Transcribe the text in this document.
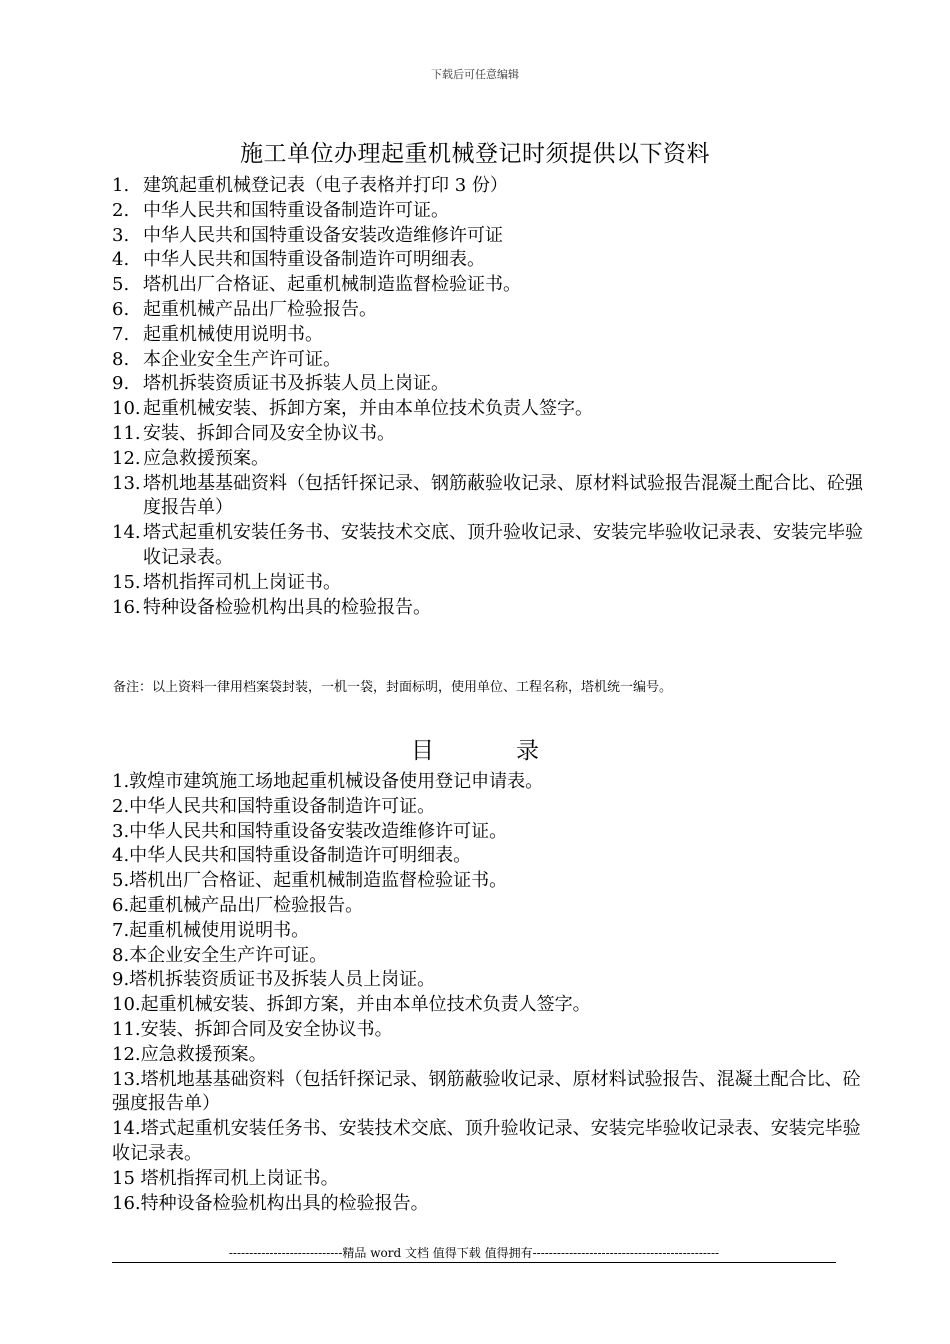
下载后可任意编辑
施工单位办理起重机械登记时须提供以下资料
1. 建筑起重机械登记表（电子表格并打印 3 份）
2. 中华人民共和国特重设备制造许可证。
3. 中华人民共和国特重设备安装改造维修许可证
4. 中华人民共和国特重设备制造许可明细表。
5. 塔机出厂合格证、起重机械制造监督检验证书。
6. 起重机械产品出厂检验报告。
7. 起重机械使用说明书。
8. 本企业安全生产许可证。
9. 塔机拆装资质证书及拆装人员上岗证。
10. 起重机械安装、拆卸方案，并由本单位技术负责人签字。
11. 安装、拆卸合同及安全协议书。
12. 应急救援预案。
13. 塔机地基基础资料（包括钎探记录、钢筋蔽验收记录、原材料试验报告混凝土配合比、砼强度报告单）
14. 塔式起重机安装任务书、安装技术交底、顶升验收记录、安装完毕验收记录表、安装完毕验收记录表。
15. 塔机指挥司机上岗证书。
16. 特种设备检验机构出具的检验报告。
备注：以上资料一律用档案袋封装，一机一袋，封面标明，使用单位、工程名称，塔机统一编号。
目录
1.敦煌市建筑施工场地起重机械设备使用登记申请表。
2.中华人民共和国特重设备制造许可证。
3.中华人民共和国特重设备安装改造维修许可证。
4.中华人民共和国特重设备制造许可明细表。
5.塔机出厂合格证、起重机械制造监督检验证书。
6.起重机械产品出厂检验报告。
7.起重机械使用说明书。
8.本企业安全生产许可证。
9.塔机拆装资质证书及拆装人员上岗证。
10.起重机械安装、拆卸方案，并由本单位技术负责人签字。
11.安装、拆卸合同及安全协议书。
12.应急救援预案。
13.塔机地基基础资料（包括钎探记录、钢筋蔽验收记录、原材料试验报告、混凝土配合比、砼强度报告单）
14.塔式起重机安装任务书、安装技术交底、顶升验收记录、安装完毕验收记录表、安装完毕验收记录表。
15 塔机指挥司机上岗证书。
16.特种设备检验机构出具的检验报告。
----------------------------精品 word 文档 值得下载 值得拥有----------------------------------------------
